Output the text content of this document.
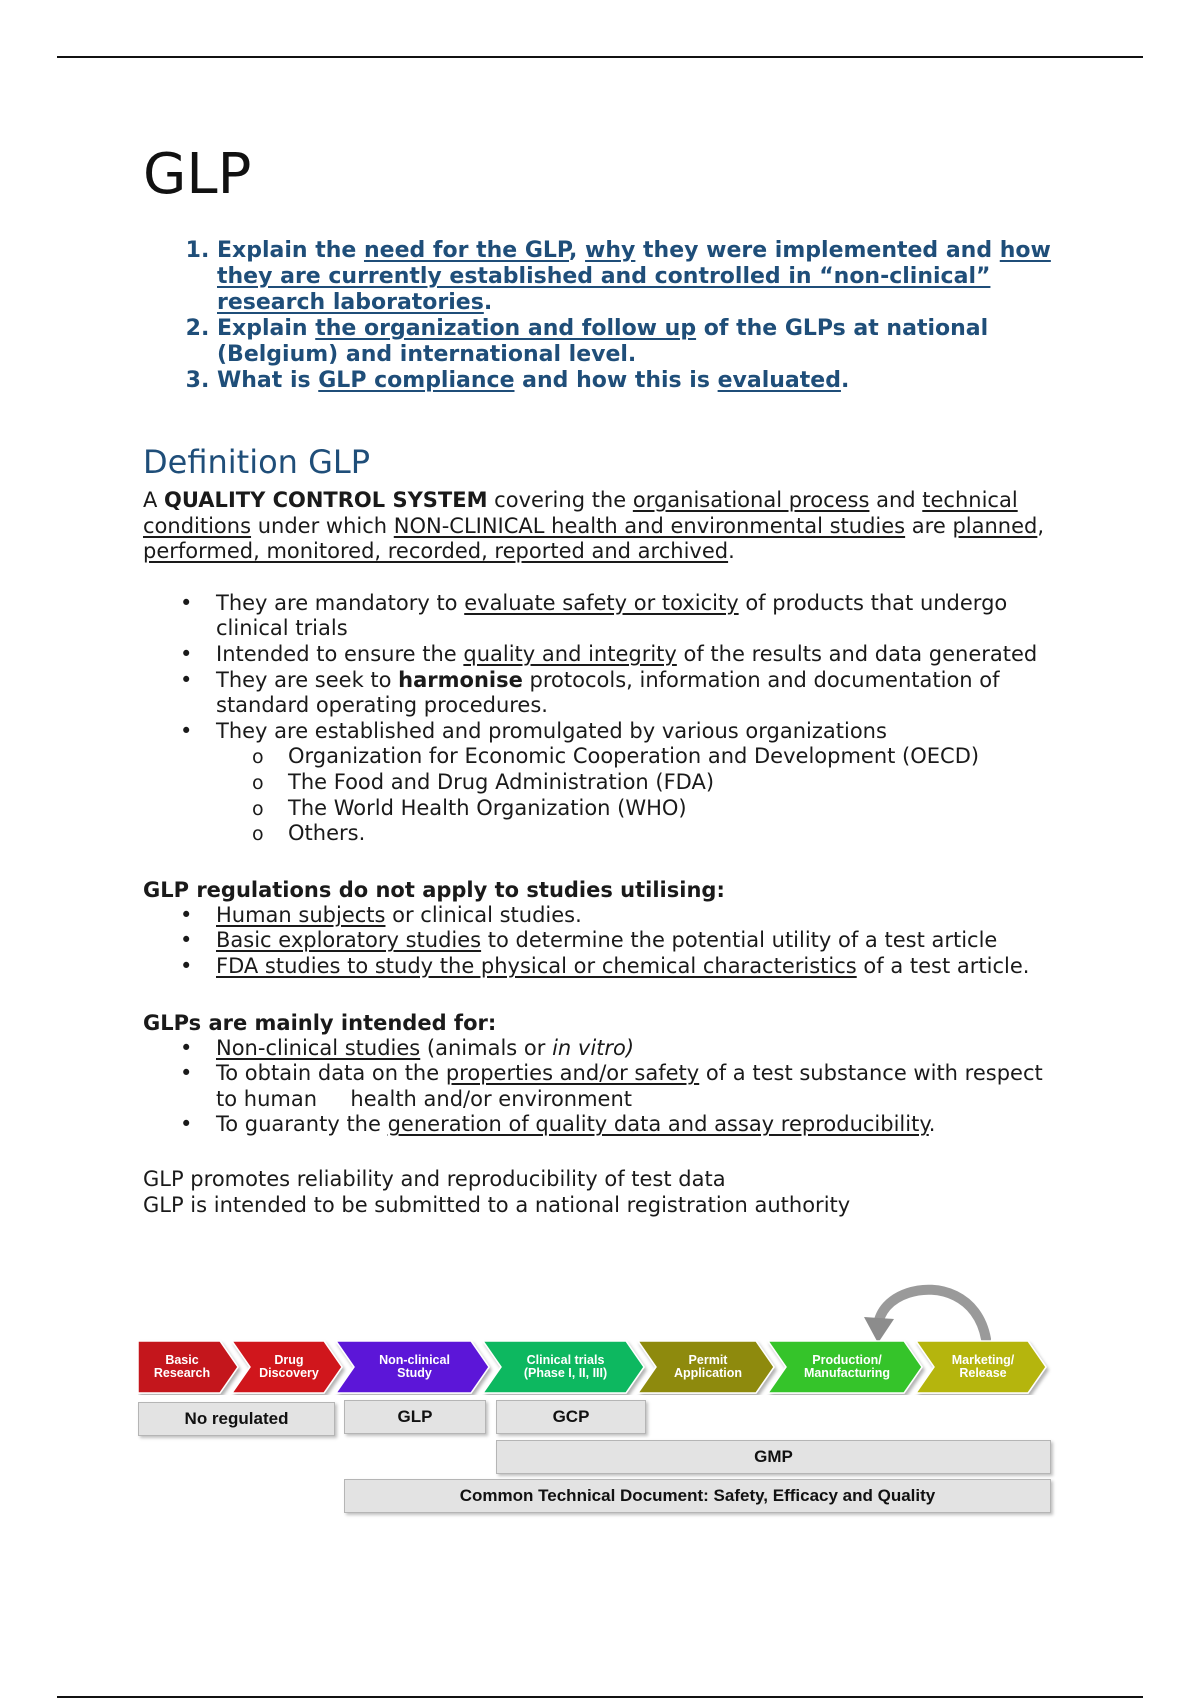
GLP
1. Explain the need for the GLP, why they were implemented and how they are currently established and controlled in “non-clinical” research laboratories.
2. Explain the organization and follow up of the GLPs at national (Belgium) and international level.
3. What is GLP compliance and how this is evaluated.
Definition GLP

A QUALITY CONTROL SYSTEM covering the organisational process and technical conditions under which NON-CLINICAL health and environmental studies are planned, performed, monitored, recorded, reported and archived.

• They are mandatory to evaluate safety or toxicity of products that undergo clinical trials
• Intended to ensure the quality and integrity of the results and data generated
• They are seek to harmonise protocols, information and documentation of standard operating procedures.
• They are established and promulgated by various organizations
o Organization for Economic Cooperation and Development (OECD)
o The Food and Drug Administration (FDA)
o The World Health Organization (WHO)
o Others.
GLP regulations do not apply to studies utilising:
• Human subjects or clinical studies.
• Basic exploratory studies to determine the potential utility of a test article
• FDA studies to study the physical or chemical characteristics of a test article.
GLPs are mainly intended for:
• Non-clinical studies (animals or in vitro)
• To obtain data on the properties and/or safety of a test substance with respect to human     health and/or environment
• To guaranty the generation of quality data and assay reproducibility.

GLP promotes reliability and reproducibility of test data

GLP is intended to be submitted to a national registration authority

Basic
Research
Drug
Discovery
Non-clinical
Study
Clinical trials
(Phase I, II, III)
Permit
Application
Production/
Manufacturing
Marketing/
Release
No regulated	GLP	GCP
GMP
Common Technical Document: Safety, Efficacy and Quality
